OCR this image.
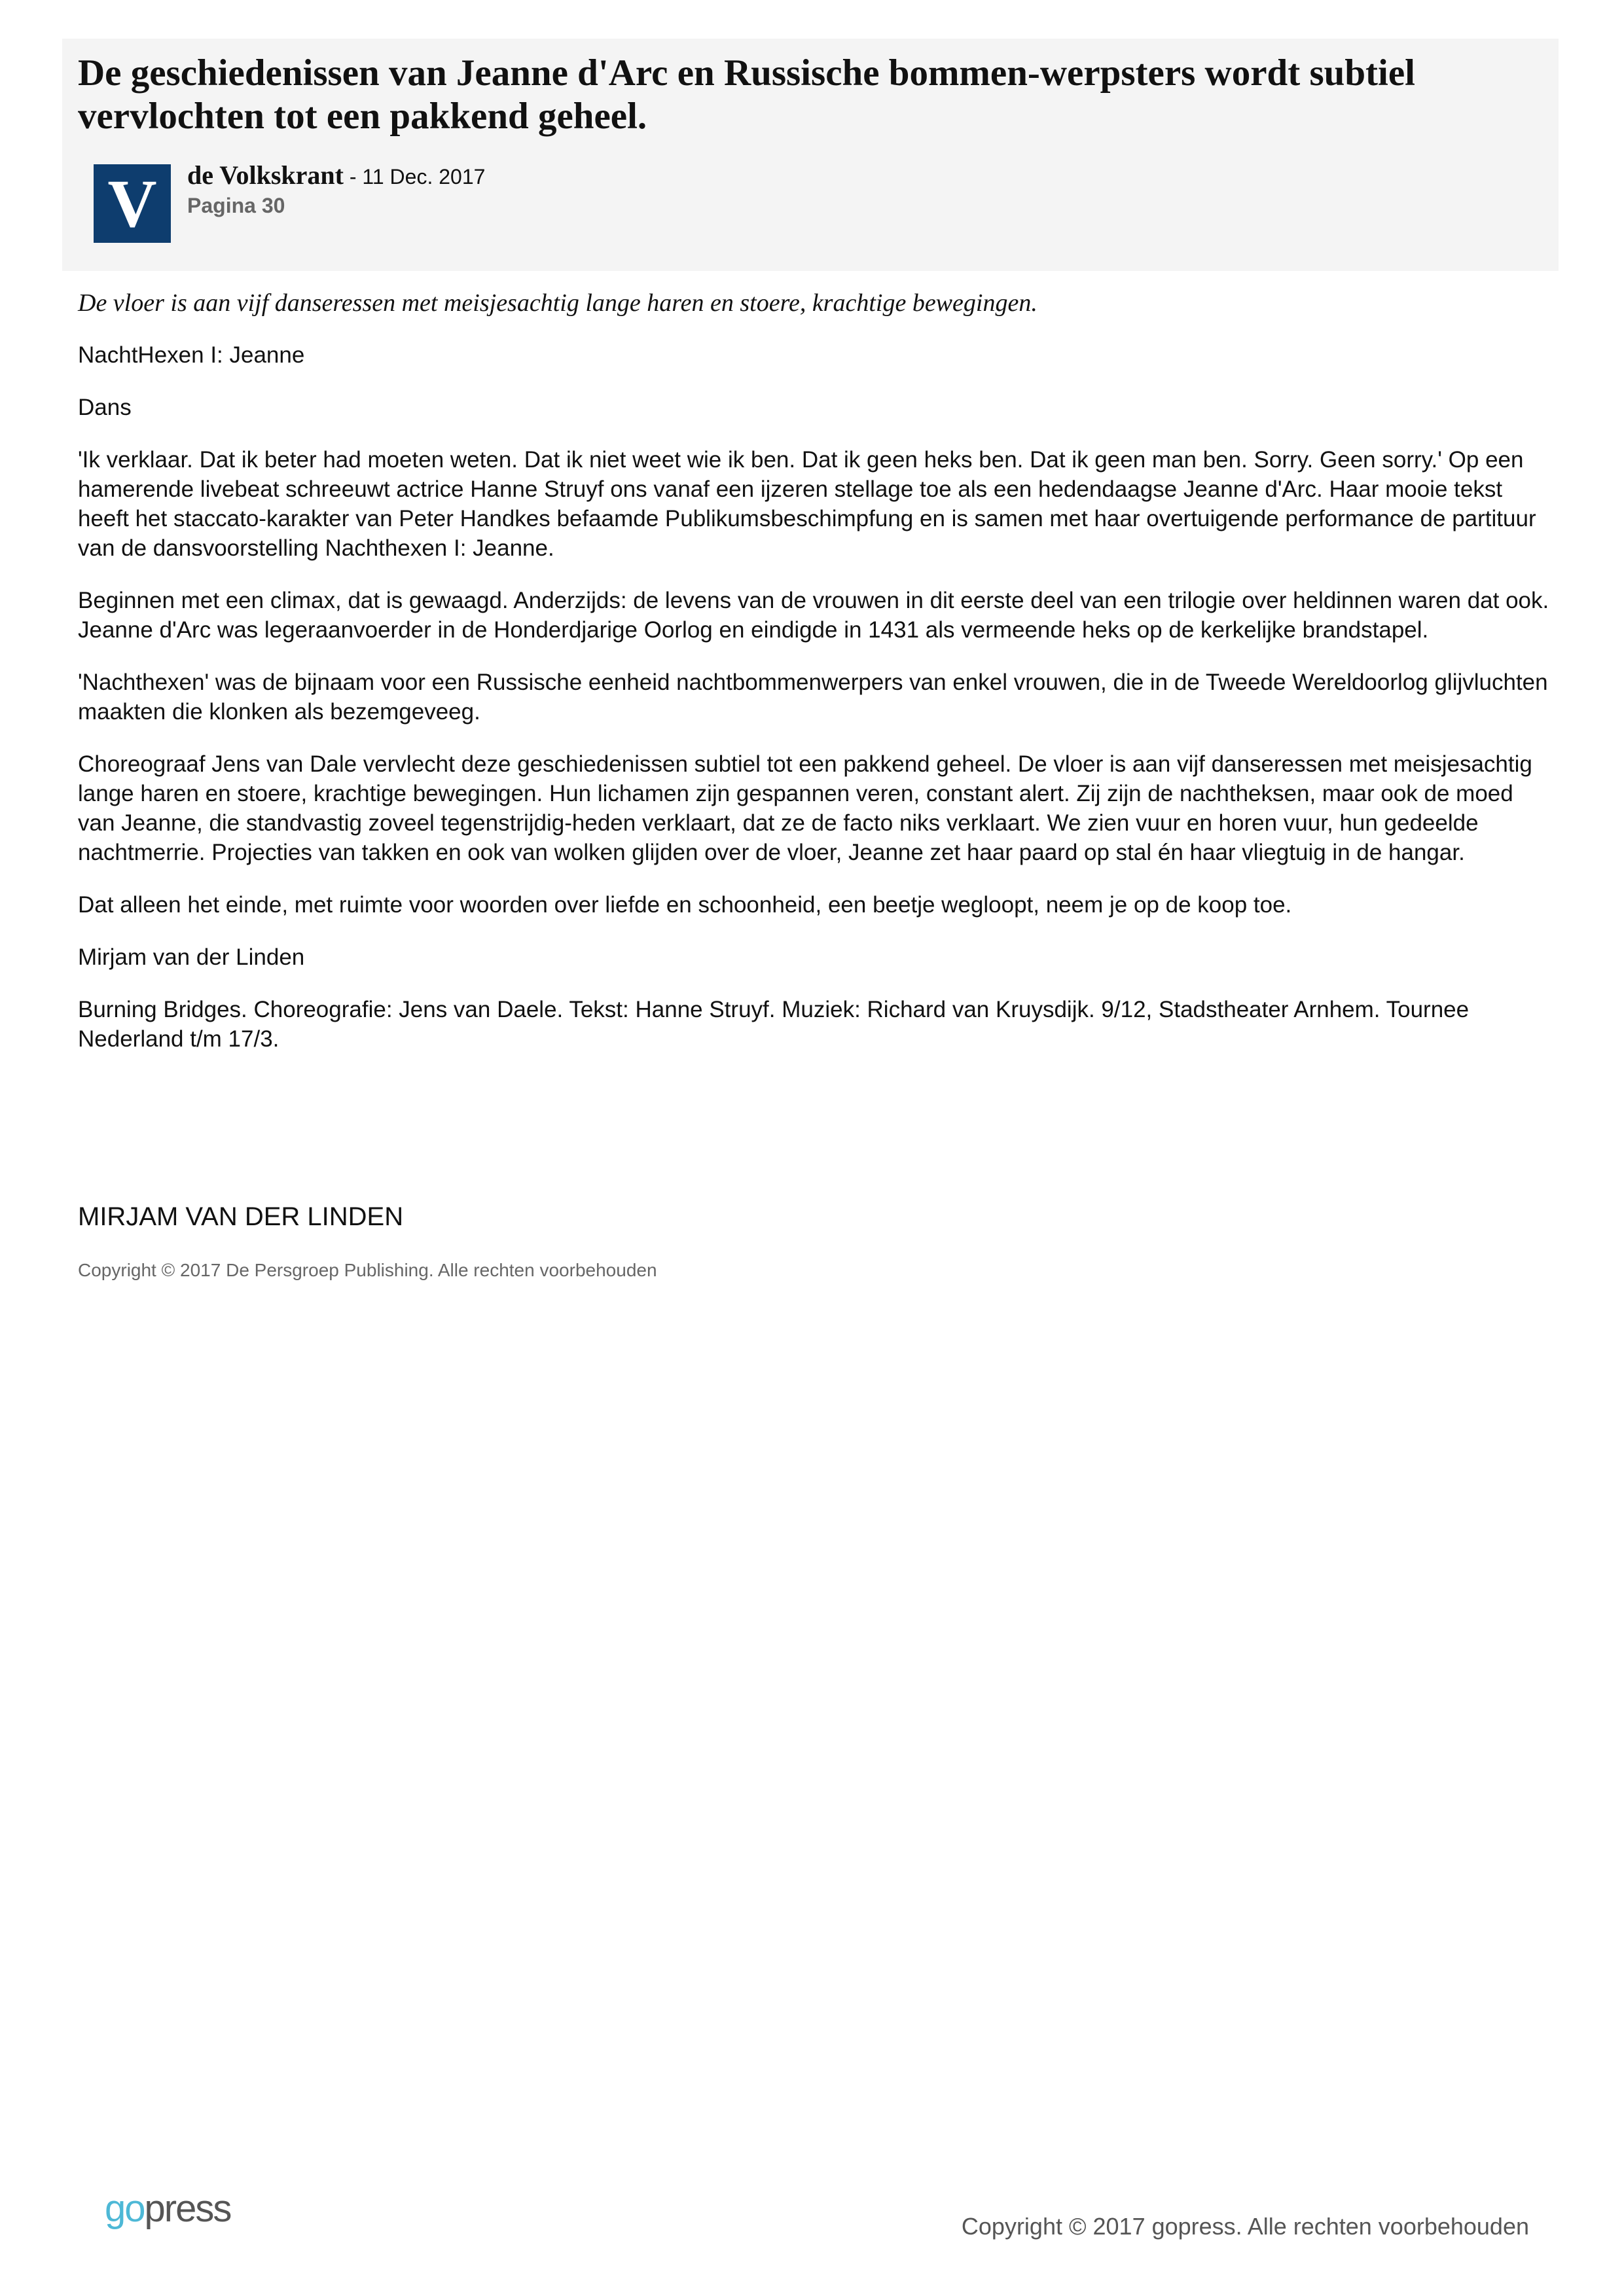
De geschiedenissen van Jeanne d'Arc en Russische bommen-werpsters wordt subtiel vervlochten tot een pakkend geheel.
V	de Volkskrant - 11 Dec. 2017
Pagina 30

De vloer is aan vijf danseressen met meisjesachtig lange haren en stoere, krachtige bewegingen.

NachtHexen I: Jeanne

Dans

'Ik verklaar. Dat ik beter had moeten weten. Dat ik niet weet wie ik ben. Dat ik geen heks ben. Dat ik geen man ben. Sorry. Geen sorry.' Op een hamerende livebeat schreeuwt actrice Hanne Struyf ons vanaf een ijzeren stellage toe als een hedendaagse Jeanne d'Arc. Haar mooie tekst heeft het staccato-karakter van Peter Handkes befaamde Publikumsbeschimpfung en is samen met haar overtuigende performance de partituur van de dansvoorstelling Nachthexen I: Jeanne.

Beginnen met een climax, dat is gewaagd. Anderzijds: de levens van de vrouwen in dit eerste deel van een trilogie over heldinnen waren dat ook. Jeanne d'Arc was legeraanvoerder in de Honderdjarige Oorlog en eindigde in 1431 als vermeende heks op de kerkelijke brandstapel.

'Nachthexen' was de bijnaam voor een Russische eenheid nachtbommenwerpers van enkel vrouwen, die in de Tweede Wereldoorlog glijvluchten maakten die klonken als bezemgeveeg.

Choreograaf Jens van Dale vervlecht deze geschiedenissen subtiel tot een pakkend geheel. De vloer is aan vijf danseressen met meisjesachtig lange haren en stoere, krachtige bewegingen. Hun lichamen zijn gespannen veren, constant alert. Zij zijn de nachtheksen, maar ook de moed van Jeanne, die standvastig zoveel tegenstrijdig-heden verklaart, dat ze de facto niks verklaart. We zien vuur en horen vuur, hun gedeelde nachtmerrie. Projecties van takken en ook van wolken glijden over de vloer, Jeanne zet haar paard op stal én haar vliegtuig in de hangar.

Dat alleen het einde, met ruimte voor woorden over liefde en schoonheid, een beetje wegloopt, neem je op de koop toe.

Mirjam van der Linden

Burning Bridges. Choreografie: Jens van Daele. Tekst: Hanne Struyf. Muziek: Richard van Kruysdijk. 9/12, Stadstheater Arnhem. Tournee Nederland t/m 17/3.

MIRJAM VAN DER LINDEN
Copyright © 2017 De Persgroep Publishing. Alle rechten voorbehouden
gopress	Copyright © 2017 gopress. Alle rechten voorbehouden
